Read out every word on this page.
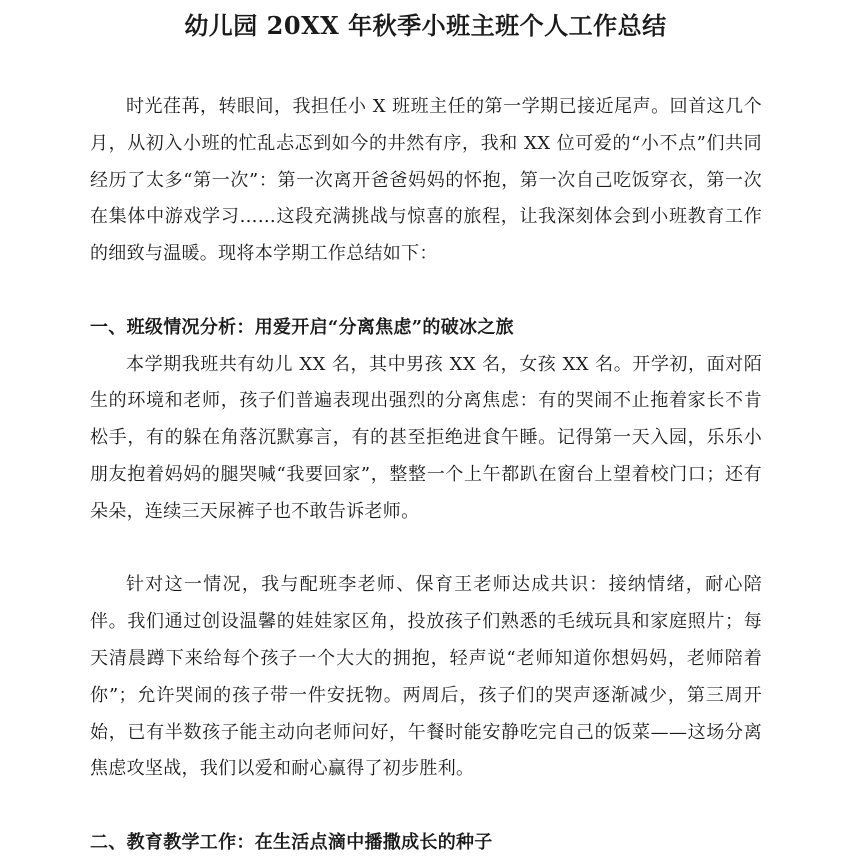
幼儿园 20XX 年秋季小班主班个人工作总结

时光荏苒，转眼间，我担任小 X 班班主任的第一学期已接近尾声。回首这几个月，从初入小班的忙乱忐忑到如今的井然有序，我和 XX 位可爱的“小不点”们共同经历了太多“第一次”：第一次离开爸爸妈妈的怀抱，第一次自己吃饭穿衣，第一次在集体中游戏学习……这段充满挑战与惊喜的旅程，让我深刻体会到小班教育工作的细致与温暖。现将本学期工作总结如下：

一、班级情况分析：用爱开启“分离焦虑”的破冰之旅

本学期我班共有幼儿 XX 名，其中男孩 XX 名，女孩 XX 名。开学初，面对陌生的环境和老师，孩子们普遍表现出强烈的分离焦虑：有的哭闹不止拖着家长不肯松手，有的躲在角落沉默寡言，有的甚至拒绝进食午睡。记得第一天入园，乐乐小朋友抱着妈妈的腿哭喊“我要回家”，整整一个上午都趴在窗台上望着校门口；还有朵朵，连续三天尿裤子也不敢告诉老师。

针对这一情况，我与配班李老师、保育王老师达成共识：接纳情绪，耐心陪伴。我们通过创设温馨的娃娃家区角，投放孩子们熟悉的毛绒玩具和家庭照片；每天清晨蹲下来给每个孩子一个大大的拥抱，轻声说“老师知道你想妈妈，老师陪着你”；允许哭闹的孩子带一件安抚物。两周后，孩子们的哭声逐渐减少，第三周开始，已有半数孩子能主动向老师问好，午餐时能安静吃完自己的饭菜——这场分离焦虑攻坚战，我们以爱和耐心赢得了初步胜利。

二、教育教学工作：在生活点滴中播撒成长的种子
